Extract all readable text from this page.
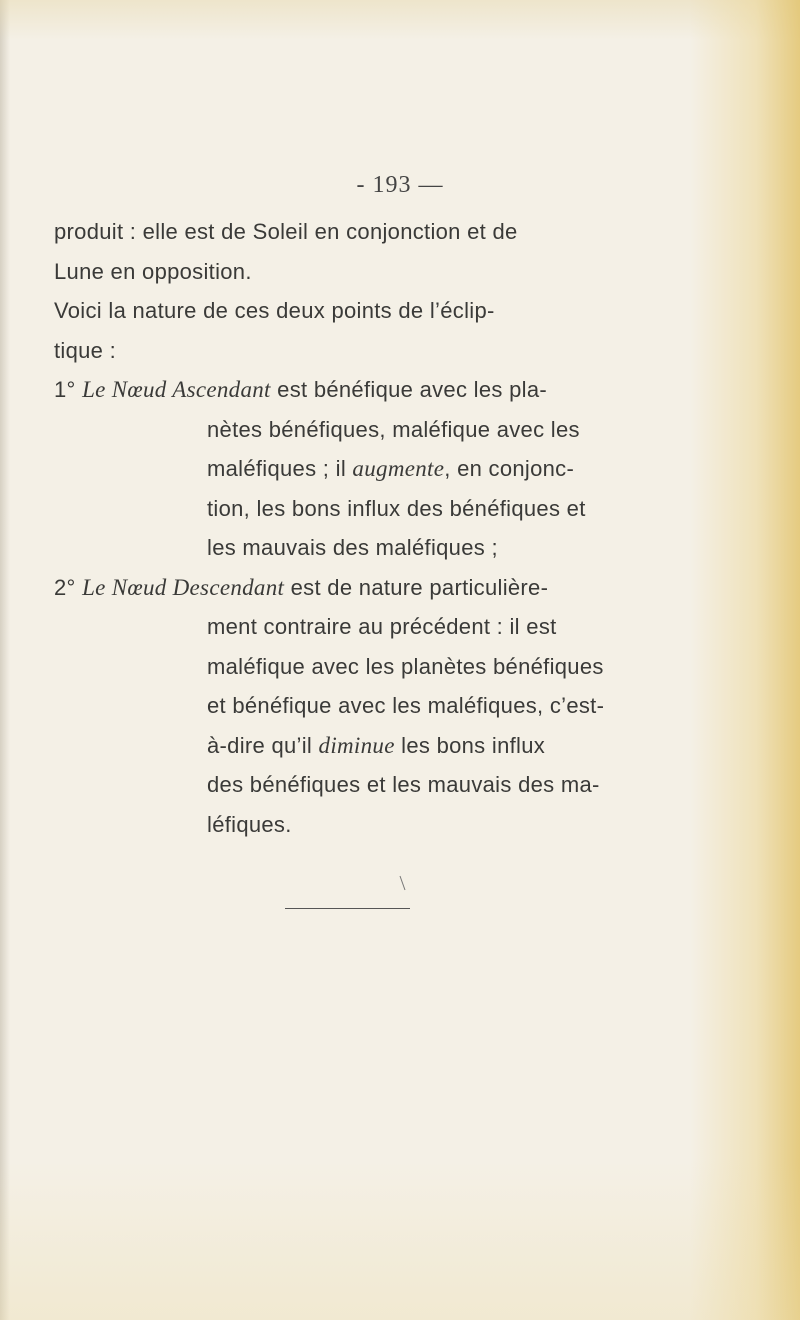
- 193 —
produit : elle est de Soleil en conjonction et de
Lune en opposition.
Voici la nature de ces deux points de l’éclip-
tique :
1° Le Nœud Ascendant est bénéfique avec les pla-
nètes bénéfiques, maléfique avec les
maléfiques ; il augmente, en conjonc-
tion, les bons influx des bénéfiques et
les mauvais des maléfiques ;
2° Le Nœud Descendant est de nature particulière-
ment contraire au précédent : il est
maléfique avec les planètes bénéfiques
et bénéfique avec les maléfiques, c’est-
à-dire qu’il diminue les bons influx
des bénéfiques et les mauvais des ma-
léfiques.
